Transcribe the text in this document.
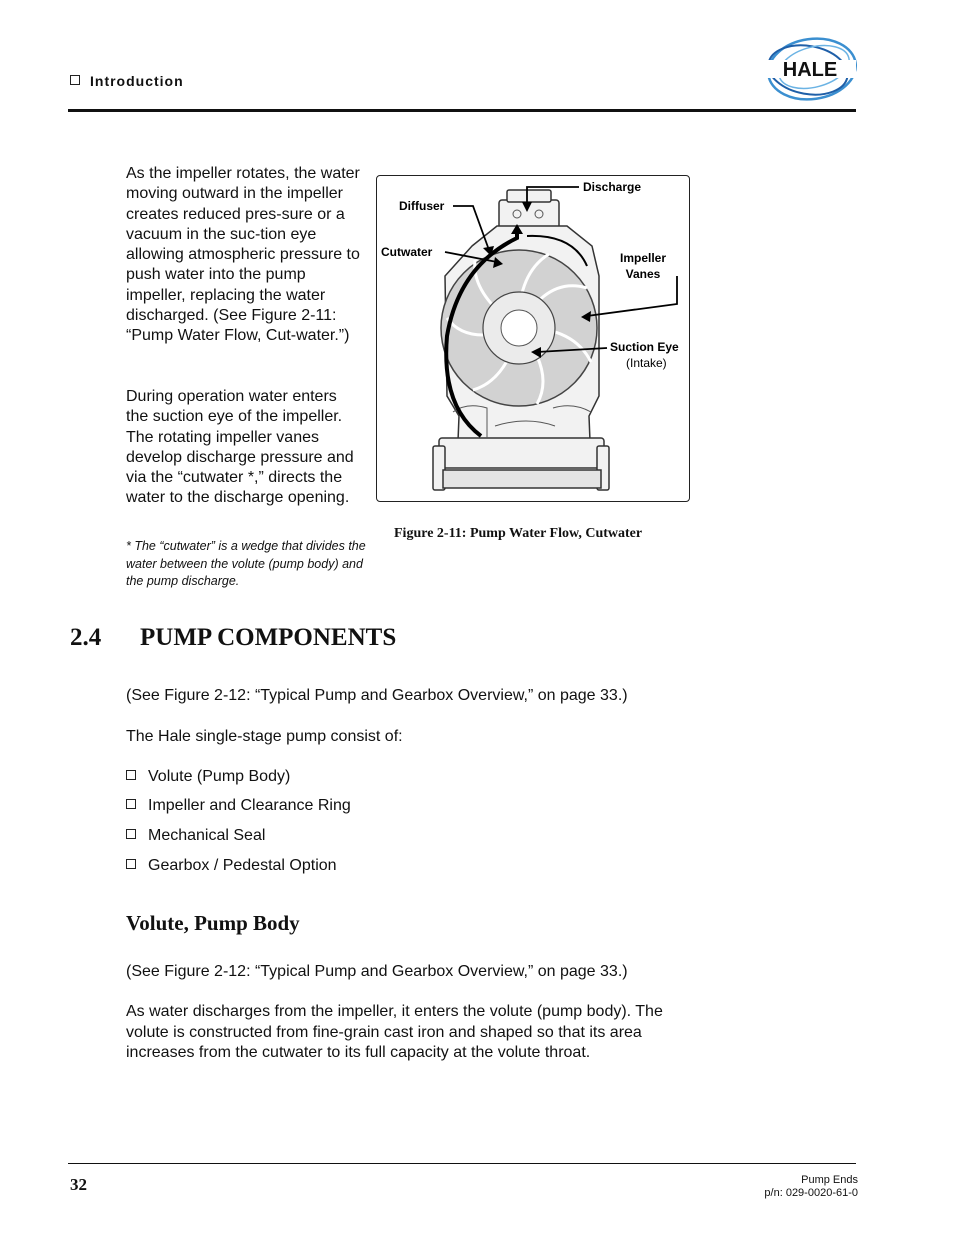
Introduction	HALE
As the impeller rotates, the water moving outward in the impeller creates reduced pres-sure or a vacuum in the suc-tion eye allowing atmospheric pressure to push water into the pump impeller, replacing the water discharged. (See Figure 2-11: “Pump Water Flow, Cut-water.”)
During operation water enters the suction eye of the impeller. The rotating impeller vanes develop discharge pressure and via the “cutwater *,” directs the water to the discharge opening.
* The “cutwater” is a wedge that divides the water between the volute (pump body) and the pump discharge.
Discharge
Diffuser
Cutwater	Impeller
Vanes
Suction Eye
(Intake)
Figure 2-11: Pump Water Flow, Cutwater
2.4 PUMP COMPONENTS
(See Figure 2-12: “Typical Pump and Gearbox Overview,” on page 33.)
The Hale single-stage pump consist of:
Volute (Pump Body)
Impeller and Clearance Ring
Mechanical Seal
Gearbox / Pedestal Option
Volute, Pump Body
(See Figure 2-12: “Typical Pump and Gearbox Overview,” on page 33.)
As water discharges from the impeller, it enters the volute (pump body). The volute is constructed from fine-grain cast iron and shaped so that its area increases from the cutwater to its full capacity at the volute throat.
32	Pump Ends
p/n: 029-0020-61-0
